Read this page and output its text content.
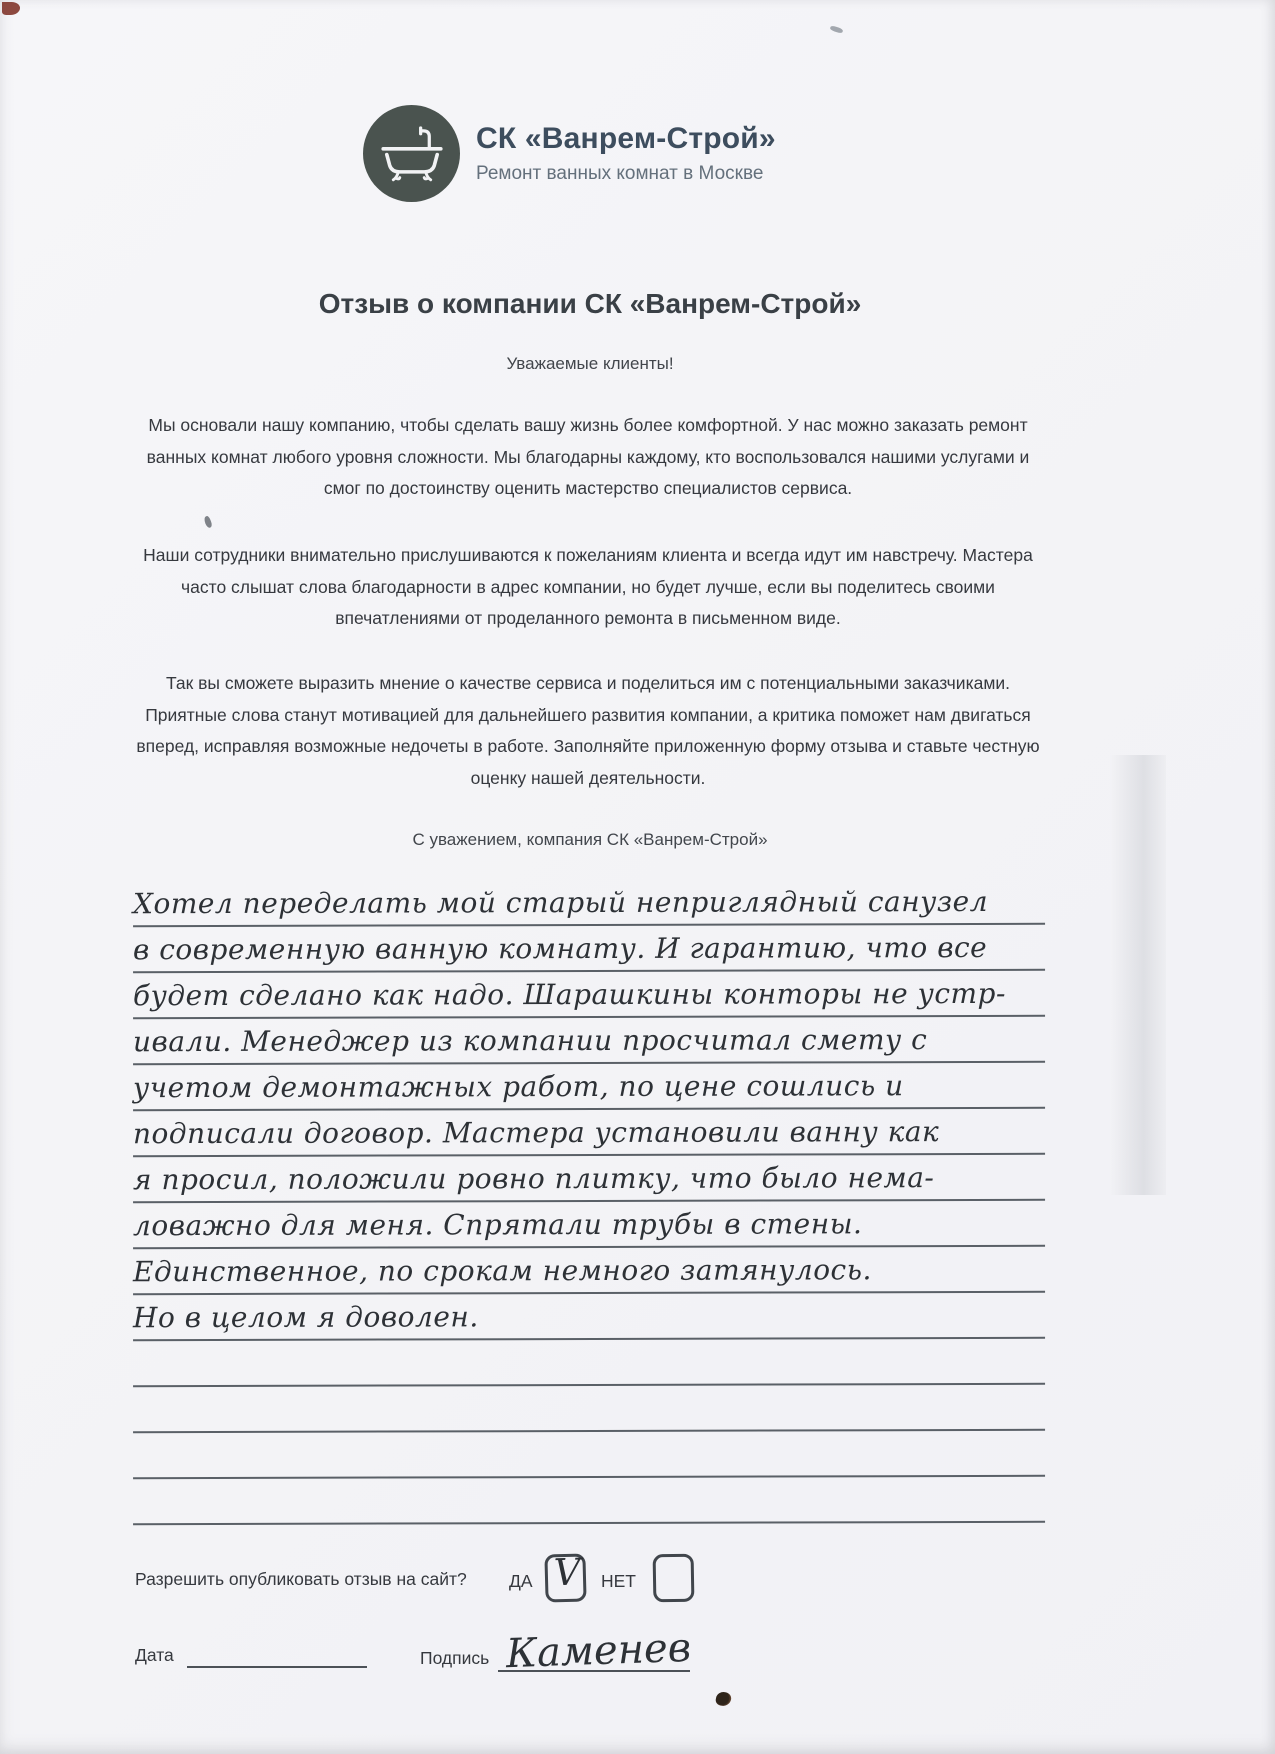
СК «Ванрем-Строй»
Ремонт ванных комнат в Москве
Отзыв о компании СК «Ванрем-Строй»
Уважаемые клиенты!
Мы основали нашу компанию, чтобы сделать вашу жизнь более комфортной. У нас можно заказать ремонт ванных комнат любого уровня сложности. Мы благодарны каждому, кто воспользовался нашими услугами и смог по достоинству оценить мастерство специалистов сервиса.
Наши сотрудники внимательно прислушиваются к пожеланиям клиента и всегда идут им навстречу. Мастера часто слышат слова благодарности в адрес компании, но будет лучше, если вы поделитесь своими впечатлениями от проделанного ремонта в письменном виде.
Так вы сможете выразить мнение о качестве сервиса и поделиться им с потенциальными заказчиками. Приятные слова станут мотивацией для дальнейшего развития компании, а критика поможет нам двигаться вперед, исправляя возможные недочеты в работе. Заполняйте приложенную форму отзыва и ставьте честную оценку нашей деятельности.
С уважением, компания СК «Ванрем-Строй»
Хотел переделать мой старый неприглядный санузел
в современную ванную комнату. И гарантию, что все
будет сделано как надо. Шарашкины конторы не устр-
ивали. Менеджер из компании просчитал смету с
учетом демонтажных работ, по цене сошлись и
подписали договор. Мастера установили ванну как
я просил, положили ровно плитку, что было нема-
ловажно для меня. Спрятали трубы в стены.
Единственное, по срокам немного затянулось.
Но в целом я доволен.
Разрешить опубликовать отзыв на сайт? ДА V НЕТ
Дата	Подпись Каменев
